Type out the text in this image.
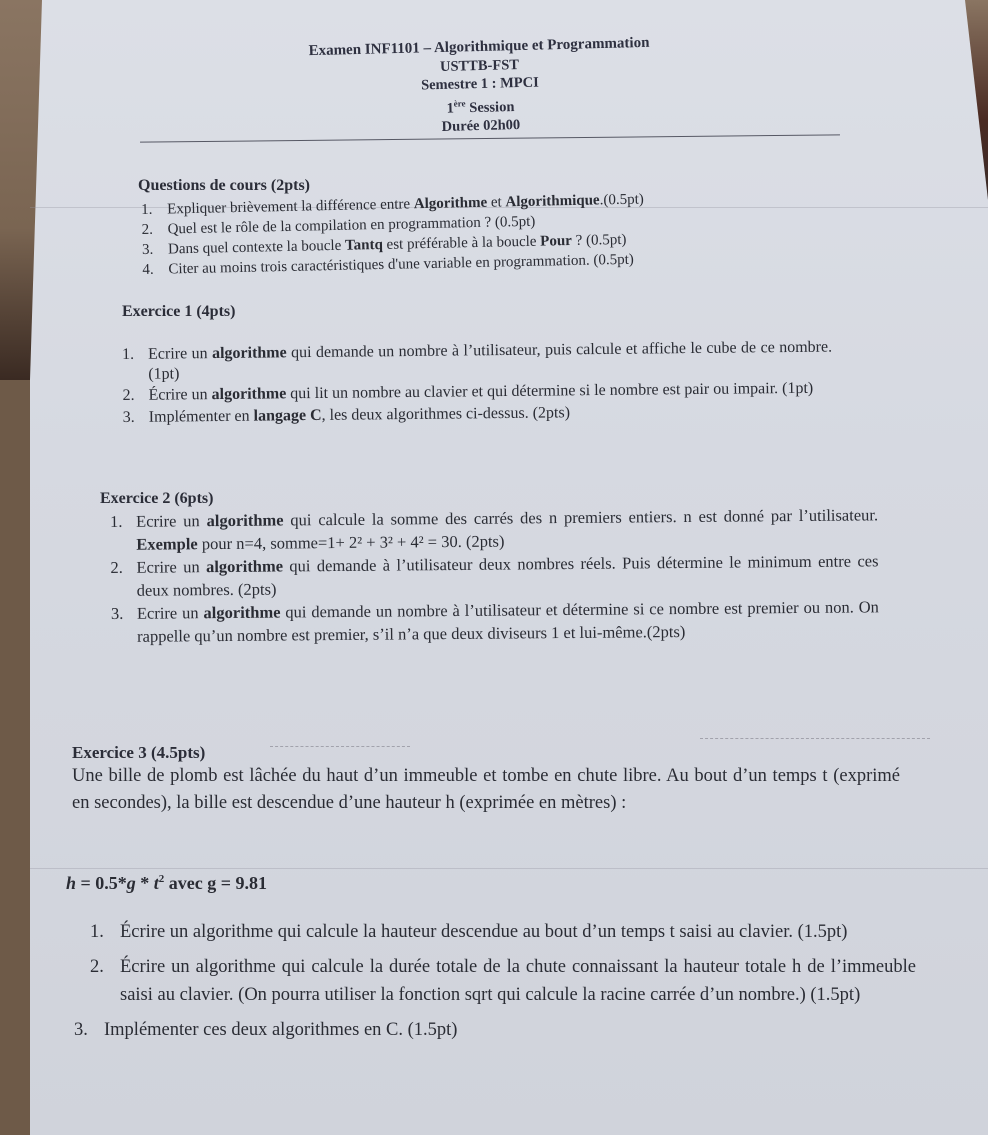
Examen INF1101 – Algorithmique et Programmation
USTTB-FST
Semestre 1 : MPCI
1ère Session
Durée 02h00
Questions de cours (2pts)
1. Expliquer brièvement la différence entre Algorithme et Algorithmique.(0.5pt)
2. Quel est le rôle de la compilation en programmation ? (0.5pt)
3. Dans quel contexte la boucle Tantq est préférable à la boucle Pour ? (0.5pt)
4. Citer au moins trois caractéristiques d'une variable en programmation. (0.5pt)
Exercice 1 (4pts)
1. Ecrire un algorithme qui demande un nombre à l’utilisateur, puis calcule et affiche le cube de ce nombre. (1pt)
2. Écrire un algorithme qui lit un nombre au clavier et qui détermine si le nombre est pair ou impair. (1pt)
3. Implémenter en langage C, les deux algorithmes ci-dessus. (2pts)
Exercice 2 (6pts)
1. Ecrire un algorithme qui calcule la somme des carrés des n premiers entiers. n est donné par l’utilisateur. Exemple pour n=4, somme=1+ 2² + 3² + 4² = 30. (2pts)
2. Ecrire un algorithme qui demande à l’utilisateur deux nombres réels. Puis détermine le minimum entre ces deux nombres. (2pts)
3. Ecrire un algorithme qui demande un nombre à l’utilisateur et détermine si ce nombre est premier ou non. On rappelle qu’un nombre est premier, s’il n’a que deux diviseurs 1 et lui-même.(2pts)
Exercice 3 (4.5pts)
Une bille de plomb est lâchée du haut d’un immeuble et tombe en chute libre. Au bout d’un temps t (exprimé en secondes), la bille est descendue d’une hauteur h (exprimée en mètres) :
$h = 0.5*g * t^2$ avec g = 9.81
1. Écrire un algorithme qui calcule la hauteur descendue au bout d’un temps t saisi au clavier. (1.5pt)
2. Écrire un algorithme qui calcule la durée totale de la chute connaissant la hauteur totale h de l’immeuble saisi au clavier. (On pourra utiliser la fonction sqrt qui calcule la racine carrée d’un nombre.) (1.5pt)
3. Implémenter ces deux algorithmes en C. (1.5pt)
